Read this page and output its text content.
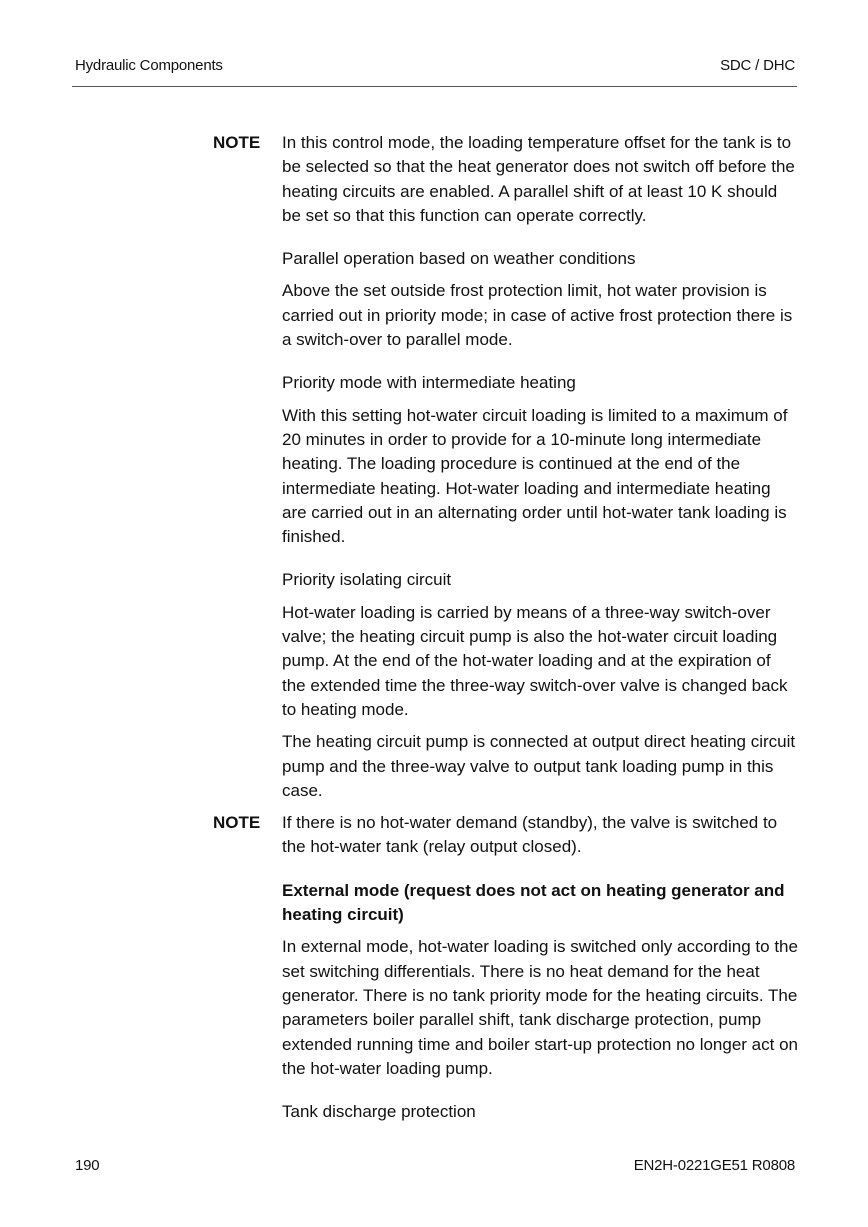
Hydraulic Components	SDC / DHC
NOTE In this control mode, the loading temperature offset for the tank is to be selected so that the heat generator does not switch off before the heating circuits are enabled. A parallel shift of at least 10 K should be set so that this function can operate correctly.

Parallel operation based on weather conditions

Above the set outside frost protection limit, hot water provision is carried out in priority mode; in case of active frost protection there is a switch-over to parallel mode.

Priority mode with intermediate heating

With this setting hot-water circuit loading is limited to a maximum of 20 minutes in order to provide for a 10-minute long intermediate heating. The loading procedure is continued at the end of the intermediate heating. Hot-water loading and intermediate heating are carried out in an alternating order until hot-water tank loading is finished.

Priority isolating circuit

Hot-water loading is carried by means of a three-way switch-over valve; the heating circuit pump is also the hot-water circuit loading pump. At the end of the hot-water loading and at the expiration of the extended time the three-way switch-over valve is changed back to heating mode.

The heating circuit pump is connected at output direct heating circuit pump and the three-way valve to output tank loading pump in this case.

NOTE If there is no hot-water demand (standby), the valve is switched to the hot-water tank (relay output closed).

External mode (request does not act on heating generator and heating circuit)

In external mode, hot-water loading is switched only according to the set switching differentials. There is no heat demand for the heat generator. There is no tank priority mode for the heating circuits. The parameters boiler parallel shift, tank discharge protection, pump extended running time and boiler start-up protection no longer act on the hot-water loading pump.

Tank discharge protection

190	EN2H-0221GE51 R0808
